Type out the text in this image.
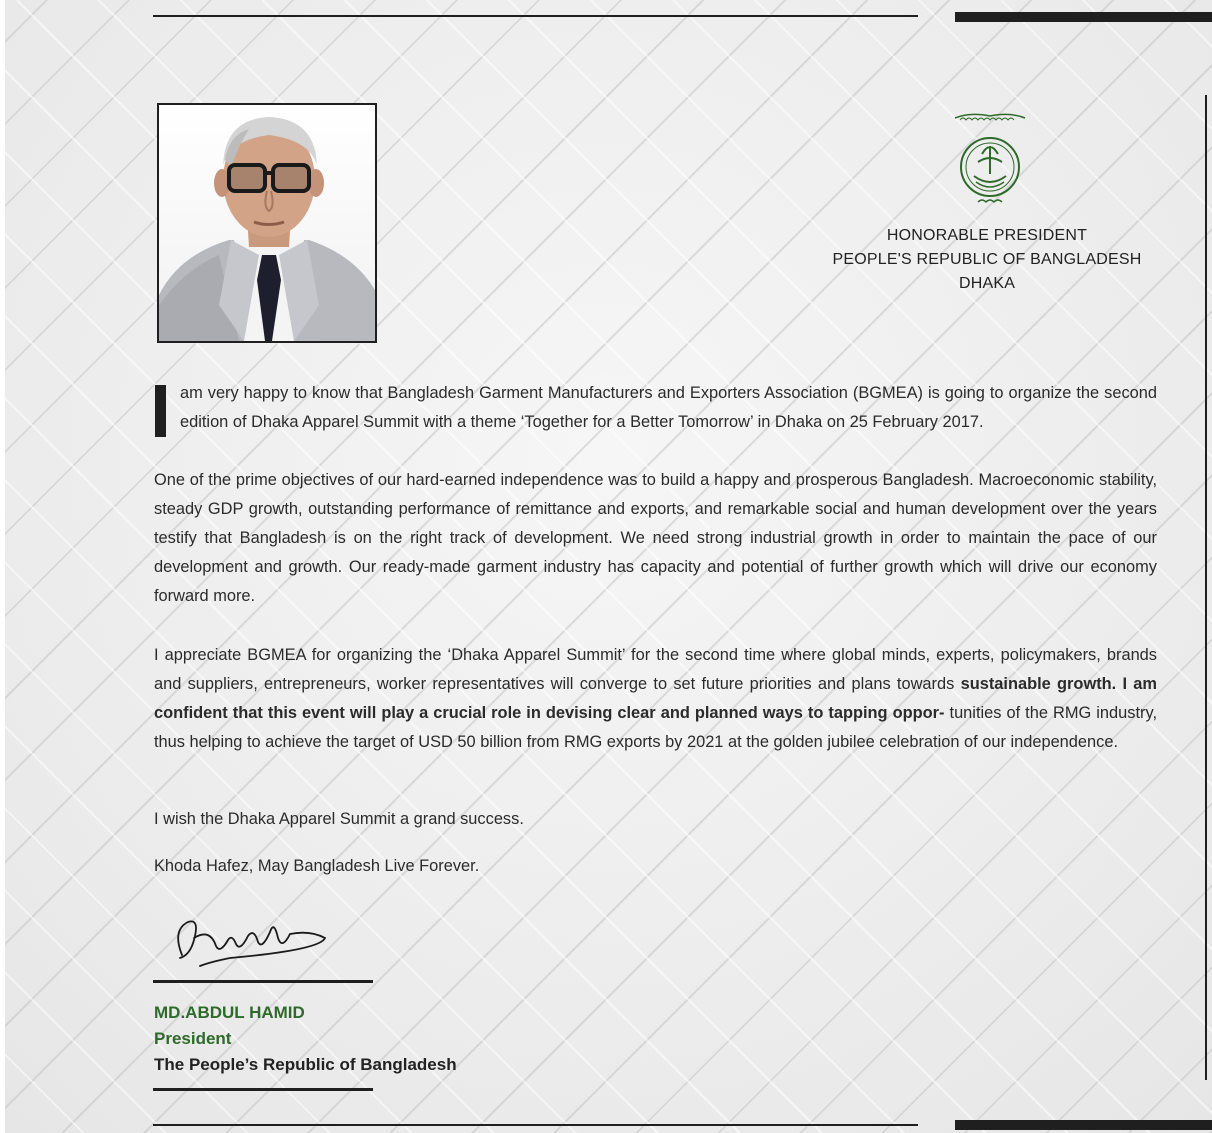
HONORABLE PRESIDENT
PEOPLE'S REPUBLIC OF BANGLADESH
DHAKA
am very happy to know that Bangladesh Garment Manufacturers and Exporters Association (BGMEA) is going to organize the second edition of Dhaka Apparel Summit with a theme ‘Together for a Better Tomorrow’ in Dhaka on 25 February 2017.
One of the prime objectives of our hard-earned independence was to build a happy and prosperous Bangladesh. Macroeconomic stability, steady GDP growth, outstanding performance of remittance and exports, and remarkable social and human development over the years testify that Bangladesh is on the right track of development. We need strong industrial growth in order to maintain the pace of our development and growth. Our ready-made garment industry has capacity and potential of further growth which will drive our economy forward more.
I appreciate BGMEA for organizing the ‘Dhaka Apparel Summit’ for the second time where global minds, experts, policymakers, brands and suppliers, entrepreneurs, worker representatives will converge to set future priorities and plans towards sustainable growth. I am confident that this event will play a crucial role in devising clear and planned ways to tapping oppor- tunities of the RMG industry, thus helping to achieve the target of USD 50 billion from RMG exports by 2021 at the golden jubilee celebration of our independence.
I wish the Dhaka Apparel Summit a grand success.
Khoda Hafez, May Bangladesh Live Forever.
MD.ABDUL HAMID
President
The People’s Republic of Bangladesh
